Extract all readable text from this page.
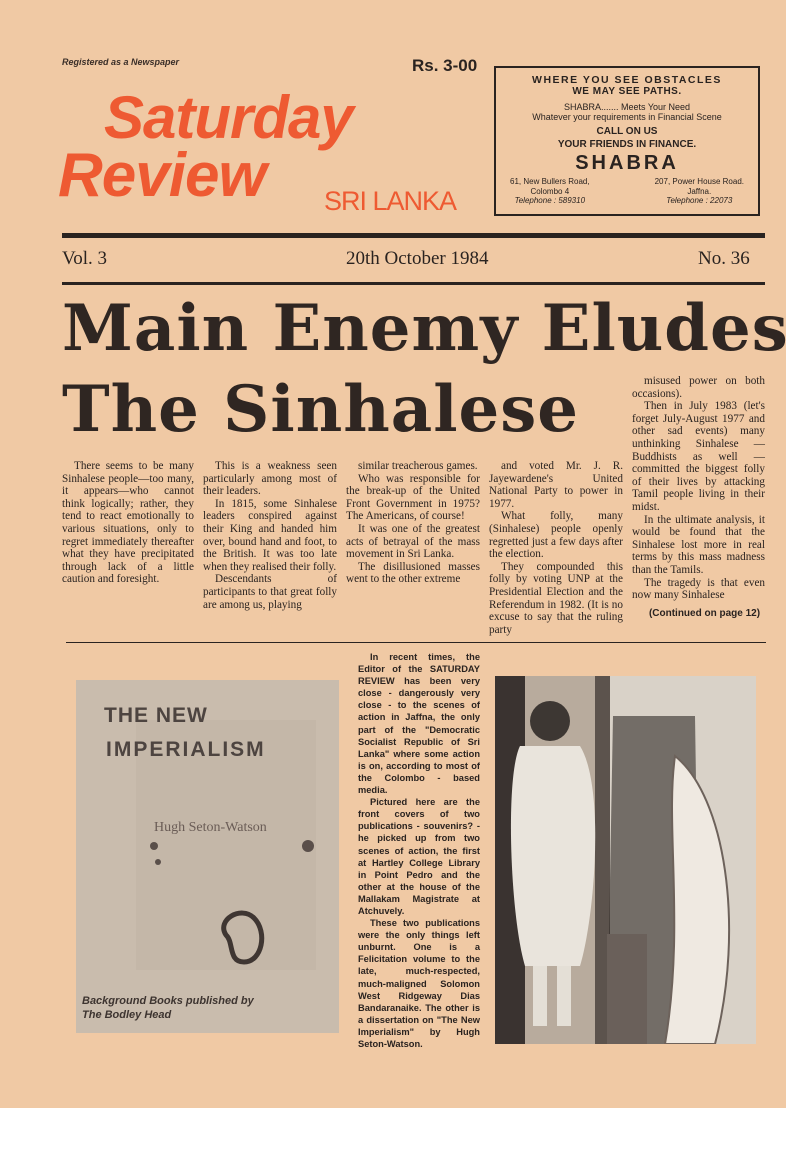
Registered as a Newspaper	Rs. 3-00
Saturday
Review SRI LANKA
WHERE YOU SEE OBSTACLES
WE MAY SEE PATHS.
SHABRA....... Meets Your Need
Whatever your requirements in Financial Scene
CALL ON US
YOUR FRIENDS IN FINANCE.
SHABRA
61, New Bullers Road,
Colombo 4
Telephone : 589310
207, Power House Road.
Jaffna.
Telephone : 22073
Vol. 3	20th October 1984	No. 36
Main Enemy Eludes
The Sinhalese

There seems to be many Sinhalese people—too many, it appears—who cannot think logically; rather, they tend to react emotionally to various situations, only to regret immediately thereafter what they have precipitated through lack of a little caution and foresight.

This is a weakness seen particularly among most of their leaders.

In 1815, some Sinhalese leaders conspired against their King and handed him over, bound hand and foot, to the British. It was too late when they realised their folly.

Descendants of participants to that great folly are among us, playing

similar treacherous games.

Who was responsible for the break-up of the United Front Government in 1975? The Americans, of course!

It was one of the greatest acts of betrayal of the mass movement in Sri Lanka.

The disillusioned masses went to the other extreme

and voted Mr. J. R. Jayewardene's United National Party to power in 1977.

What folly, many (Sinhalese) people openly regretted just a few days after the election.

They compounded this folly by voting UNP at the Presidential Election and the Referendum in 1982. (It is no excuse to say that the ruling party

misused power on both occasions).

Then in July 1983 (let's forget July-August 1977 and other sad events) many unthinking Sinhalese — Buddhists as well — committed the biggest folly of their lives by attacking Tamil people living in their midst.

In the ultimate analysis, it would be found that the Sinhalese lost more in real terms by this mass madness than the Tamils.

The tragedy is that even now many Sinhalese

(Continued on page 12)

THE NEW
IMPERIALISM
Hugh Seton-Watson
Background Books published by
The Bodley Head

In recent times, the Editor of the SATURDAY REVIEW has been very close - dangerously very close - to the scenes of action in Jaffna, the only part of the "Democratic Socialist Republic of Sri Lanka" where some action is on, according to most of the Colombo - based media.

Pictured here are the front covers of two publications - souvenirs? - he picked up from two scenes of action, the first at Hartley College Library in Point Pedro and the other at the house of the Mallakam Magistrate at Atchuvely.

These two publications were the only things left unburnt. One is a Felicitation volume to the late, much-respected, much-maligned Solomon West Ridgeway Dias Bandaranaike. The other is a dissertation on "The New Imperialism" by Hugh Seton-Watson.
